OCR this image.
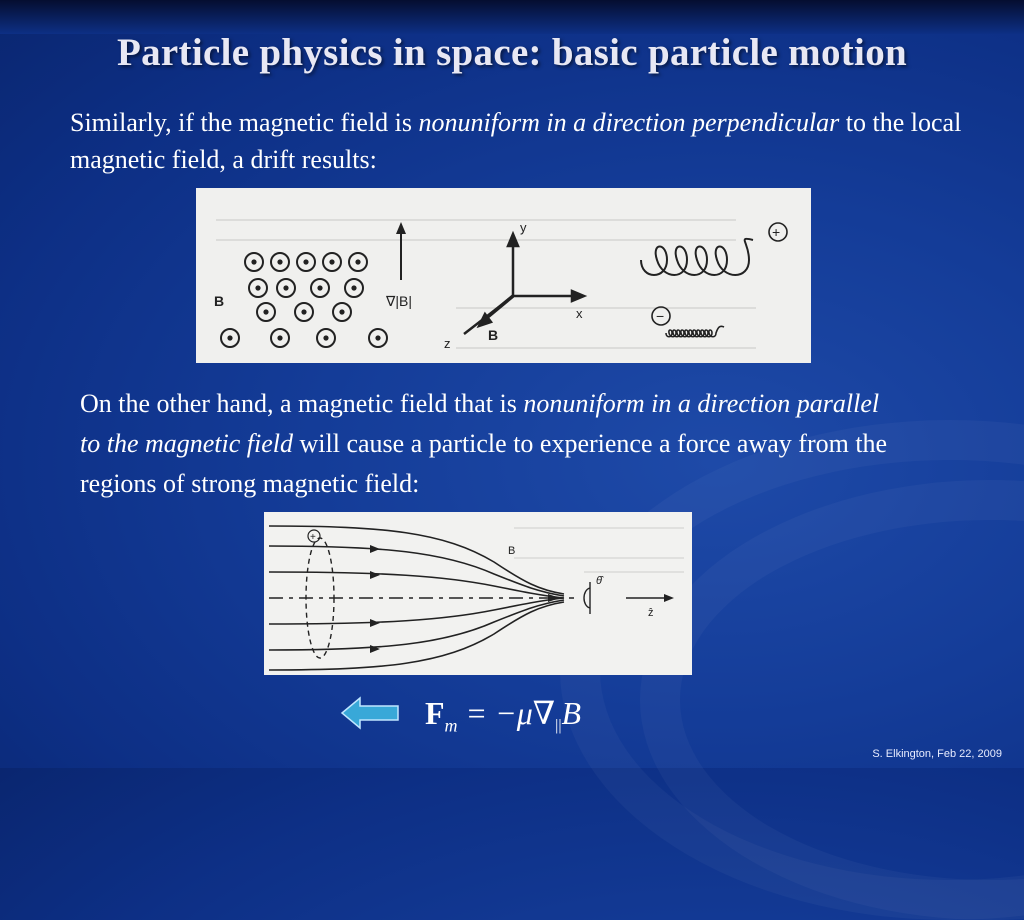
Particle physics in space: basic particle motion
Similarly, if the magnetic field is nonuniform in a direction perpendicular to the local magnetic field, a drift results:
B	∇|B|
y
x
z
B
+
−
On the other hand, a magnetic field that is nonuniform in a direction parallel to the magnetic field will cause a particle to experience a force away from the regions of strong magnetic field:
B
+
θ̂
ẑ
$F_m = -\mu\nabla||B$
S. Elkington, Feb 22, 2009
